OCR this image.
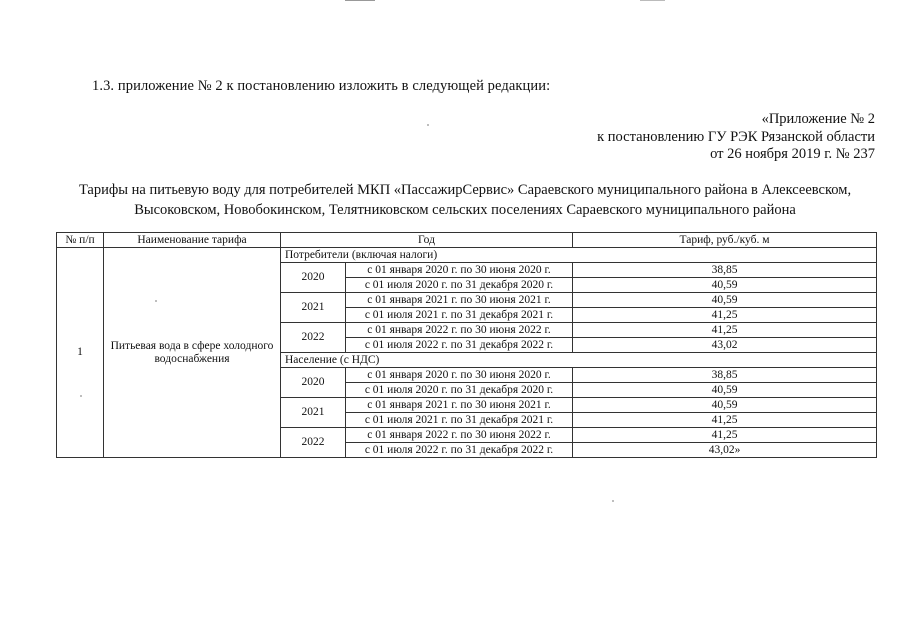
1.3. приложение № 2 к постановлению изложить в следующей редакции:
«Приложение № 2
к постановлению ГУ РЭК Рязанской области
от 26 ноября 2019 г. № 237
Тарифы на питьевую воду для потребителей МКП «ПассажирСервис» Сараевского муниципального района в Алексеевском,
Высоковском, Новобокинском, Телятниковском сельских поселениях Сараевского муниципального района
№ п/п	Наименование тарифа	Год		Тариф, руб./куб. м
1	Питьевая вода в сфере холодного водоснабжения	Потребители (включая налоги)		
		2020	с 01 января 2020 г. по 30 июня 2020 г.	38,85
			с 01 июля 2020 г. по 31 декабря 2020 г.	40,59
		2021	с 01 января 2021 г. по 30 июня 2021 г.	40,59
			с 01 июля 2021 г. по 31 декабря 2021 г.	41,25
		2022	с 01 января 2022 г. по 30 июня 2022 г.	41,25
			с 01 июля 2022 г. по 31 декабря 2022 г.	43,02
		Население (с НДС)		
		2020	с 01 января 2020 г. по 30 июня 2020 г.	38,85
			с 01 июля 2020 г. по 31 декабря 2020 г.	40,59
		2021	с 01 января 2021 г. по 30 июня 2021 г.	40,59
			с 01 июля 2021 г. по 31 декабря 2021 г.	41,25
		2022	с 01 января 2022 г. по 30 июня 2022 г.	41,25
			с 01 июля 2022 г. по 31 декабря 2022 г.	43,02»
